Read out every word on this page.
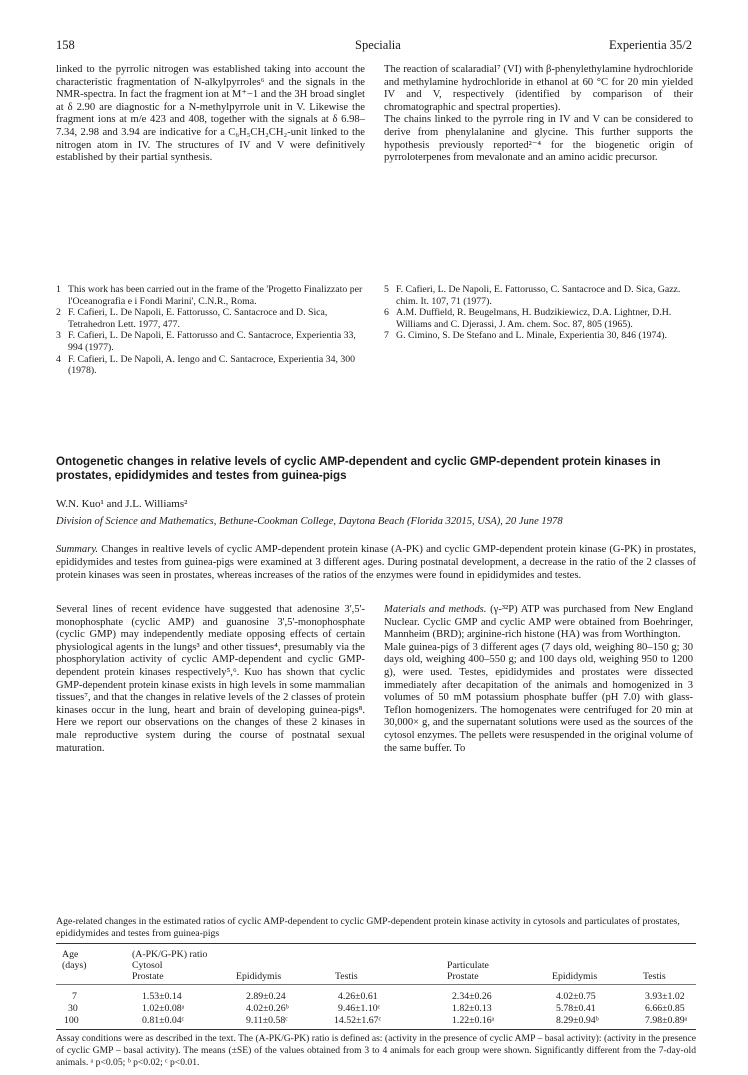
158	Specialia	Experientia 35/2
linked to the pyrrolic nitrogen was established taking into account the characteristic fragmentation of N-alkylpyrroles⁶ and the signals in the NMR-spectra. In fact the fragment ion at M⁺−1 and the 3H broad singlet at δ 2.90 are diagnostic for a N-methylpyrrole unit in V. Likewise the fragment ions at m/e 423 and 408, together with the signals at δ 6.98–7.34, 2.98 and 3.94 are indicative for a C₆H₅CH₂CH₂-unit linked to the nitrogen atom in IV. The structures of IV and V were definitively established by their partial synthesis.
The reaction of scalaradial⁷ (VI) with β-phenylethylamine hydrochloride and methylamine hydrochloride in ethanol at 60 °C for 20 min yielded IV and V, respectively (identified by comparison of their chromatographic and spectral properties).
The chains linked to the pyrrole ring in IV and V can be considered to derive from phenylalanine and glycine. This further supports the hypothesis previously reported²⁻⁴ for the biogenetic origin of pyrroloterpenes from mevalonate and an amino acidic precursor.
1 This work has been carried out in the frame of the 'Progetto Finalizzato per l'Oceanografia e i Fondi Marini', C.N.R., Roma.
2 F. Cafieri, L. De Napoli, E. Fattorusso, C. Santacroce and D. Sica, Tetrahedron Lett. 1977, 477.
3 F. Cafieri, L. De Napoli, E. Fattorusso and C. Santacroce, Experientia 33, 994 (1977).
4 F. Cafieri, L. De Napoli, A. Iengo and C. Santacroce, Experientia 34, 300 (1978).
5 F. Cafieri, L. De Napoli, E. Fattorusso, C. Santacroce and D. Sica, Gazz. chim. It. 107, 71 (1977).
6 A.M. Duffield, R. Beugelmans, H. Budzikiewicz, D.A. Lightner, D.H. Williams and C. Djerassi, J. Am. chem. Soc. 87, 805 (1965).
7 G. Cimino, S. De Stefano and L. Minale, Experientia 30, 846 (1974).
Ontogenetic changes in relative levels of cyclic AMP-dependent and cyclic GMP-dependent protein kinases in prostates, epididymides and testes from guinea-pigs
W.N. Kuo¹ and J.L. Williams²
Division of Science and Mathematics, Bethune-Cookman College, Daytona Beach (Florida 32015, USA), 20 June 1978
Summary. Changes in realtive levels of cyclic AMP-dependent protein kinase (A-PK) and cyclic GMP-dependent protein kinase (G-PK) in prostates, epididymides and testes from guinea-pigs were examined at 3 different ages. During postnatal development, a decrease in the ratio of the 2 classes of protein kinases was seen in prostates, whereas increases of the ratios of the enzymes were found in epididymides and testes.
Several lines of recent evidence have suggested that adenosine 3',5'-monophosphate (cyclic AMP) and guanosine 3',5'-monophosphate (cyclic GMP) may independently mediate opposing effects of certain physiological agents in the lungs³ and other tissues⁴, presumably via the phosphorylation activity of cyclic AMP-dependent and cyclic GMP-dependent protein kinases respectively⁵,⁶. Kuo has shown that cyclic GMP-dependent protein kinase exists in high levels in some mammalian tissues⁷, and that the changes in relative levels of the 2 classes of protein kinases occur in the lung, heart and brain of developing guinea-pigs⁸. Here we report our observations on the changes of these 2 kinases in male reproductive system during the course of postnatal sexual maturation.
Materials and methods. (γ-³²P) ATP was purchased from New England Nuclear. Cyclic GMP and cyclic AMP were obtained from Boehringer, Mannheim (BRD); arginine-rich histone (HA) was from Worthington.
Male guinea-pigs of 3 different ages (7 days old, weighing 80–150 g; 30 days old, weighing 400–550 g; and 100 days old, weighing 950 to 1200 g), were used. Testes, epididymides and prostates were dissected immediately after decapitation of the animals and homogenized in 3 volumes of 50 mM potassium phosphate buffer (pH 7.0) with glass-Teflon homogenizers. The homogenates were centrifuged for 20 min at 30,000× g, and the supernatant solutions were used as the sources of the cytosol enzymes. The pellets were resuspended in the original volume of the same buffer. To
Age-related changes in the estimated ratios of cyclic AMP-dependent to cyclic GMP-dependent protein kinase activity in cytosols and particulates of prostates, epididymides and testes from guinea-pigs
Age
(days)
(A-PK/G-PK) ratio
Cytosol	Particulate
Prostate	Epididymis	Testis	Prostate	Epididymis	Testis
7	1.53±0.14	2.89±0.24	4.26±0.61	2.34±0.26	4.02±0.75	3.93±1.02
30	1.02±0.08ᵃ	4.02±0.26ᵇ	9.46±1.10ᶜ	1.82±0.13	5.78±0.41	6.66±0.85
100	0.81±0.04ᶜ	9.11±0.58ᶜ	14.52±1.67ᶜ	1.22±0.16ᵃ	8.29±0.94ᵇ	7.98±0.89ᵃ
Assay conditions were as described in the text. The (A-PK/G-PK) ratio is defined as: (activity in the presence of cyclic AMP – basal activity): (activity in the presence of cyclic GMP – basal activity). The means (±SE) of the values obtained from 3 to 4 animals for each group were shown. Significantly different from the 7-day-old animals. ᵃ p<0.05; ᵇ p<0.02; ᶜ p<0.01.
